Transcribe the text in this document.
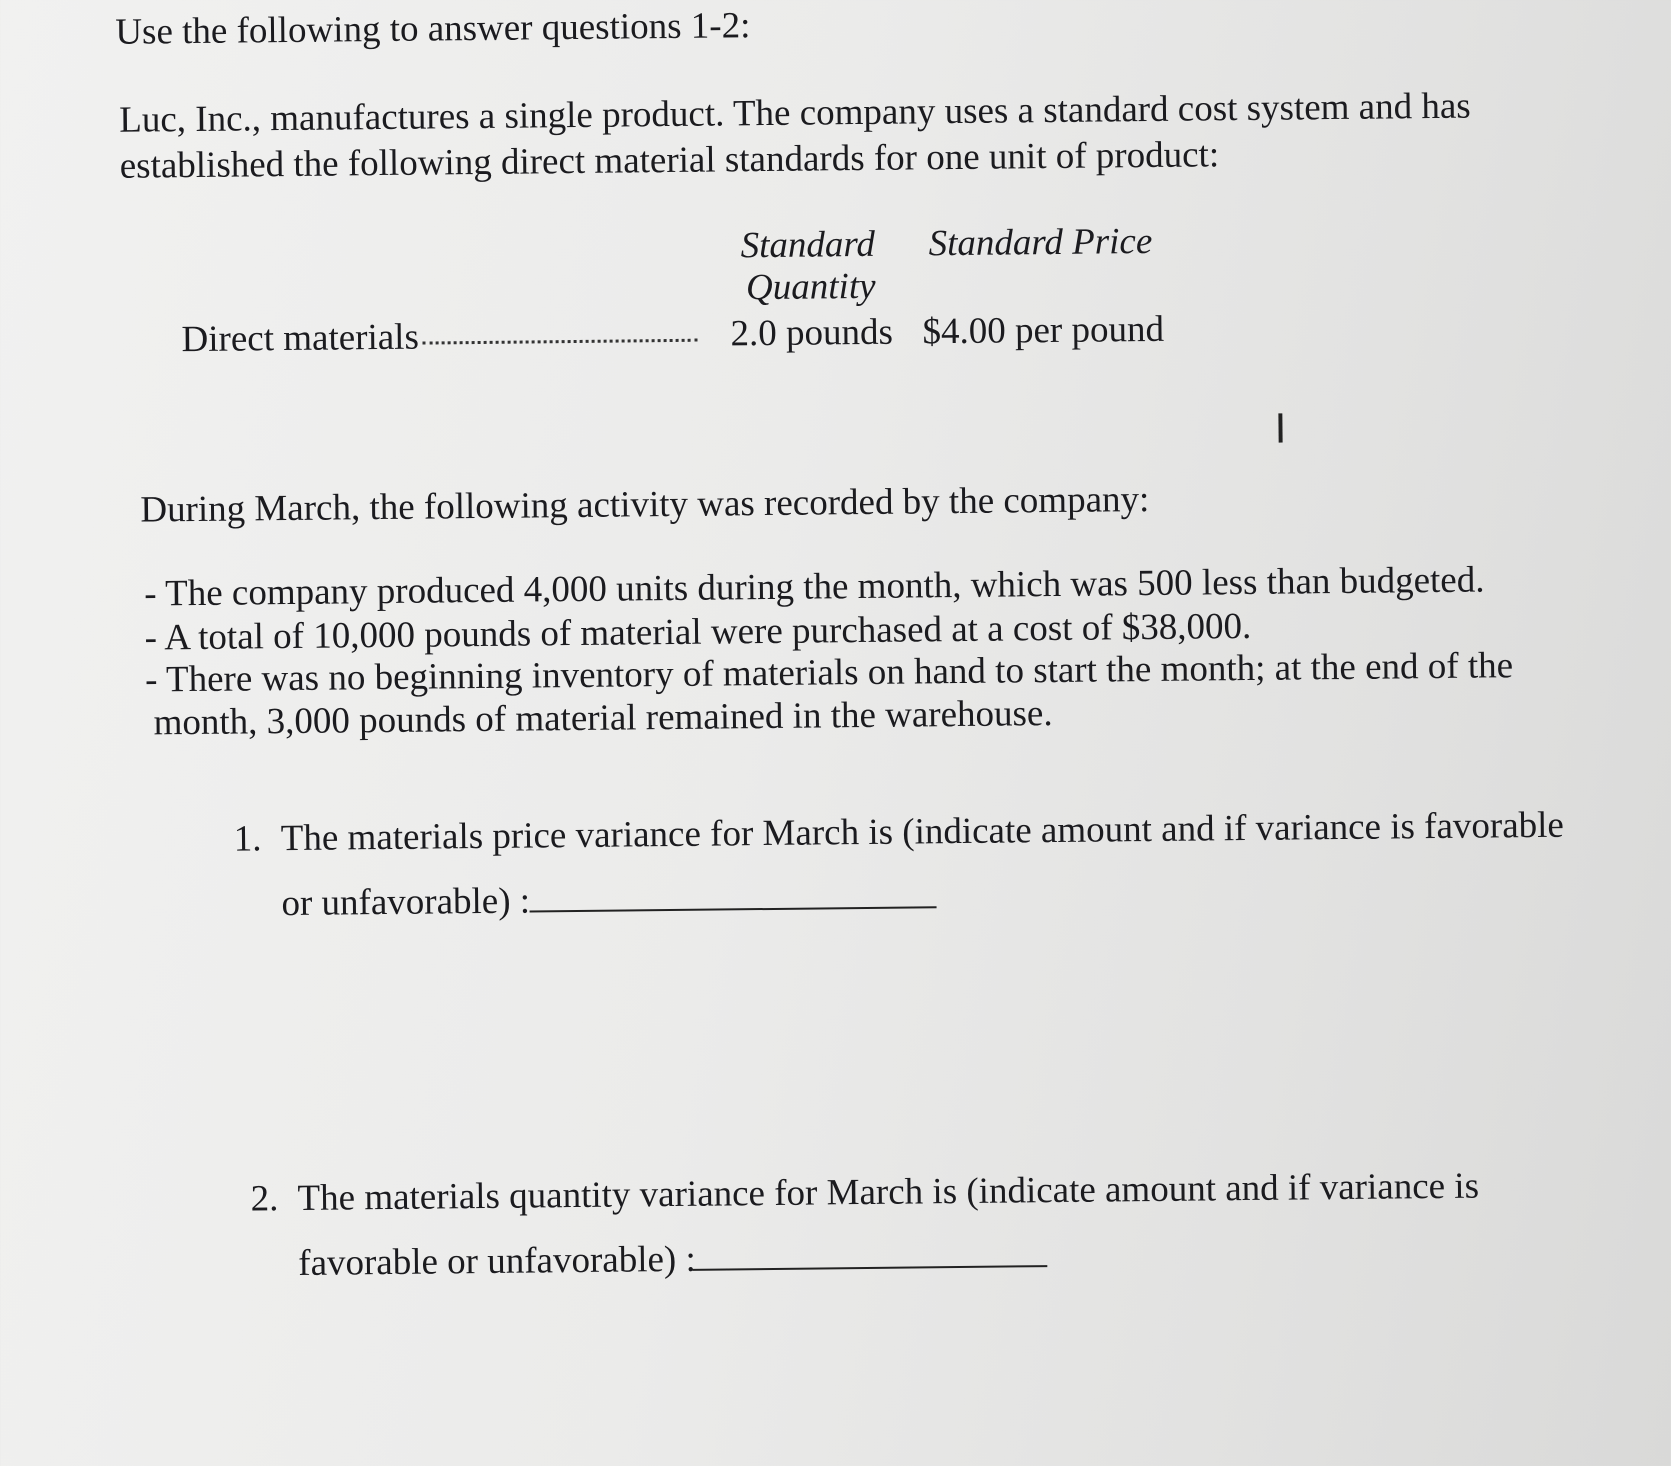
Use the following to answer questions 1-2:
Luc, Inc., manufactures a single product. The company uses a standard cost system and has
established the following direct material standards for one unit of product:
Standard
Quantity
Standard Price
Direct materials	2.0 pounds $4.00 per pound
I
During March, the following activity was recorded by the company:
- The company produced 4,000 units during the month, which was 500 less than budgeted.
- A total of 10,000 pounds of material were purchased at a cost of $38,000.
- There was no beginning inventory of materials on hand to start the month; at the end of the
month, 3,000 pounds of material remained in the warehouse.
1. The materials price variance for March is (indicate amount and if variance is favorable
or unfavorable) :
2. The materials quantity variance for March is (indicate amount and if variance is
favorable or unfavorable) :
